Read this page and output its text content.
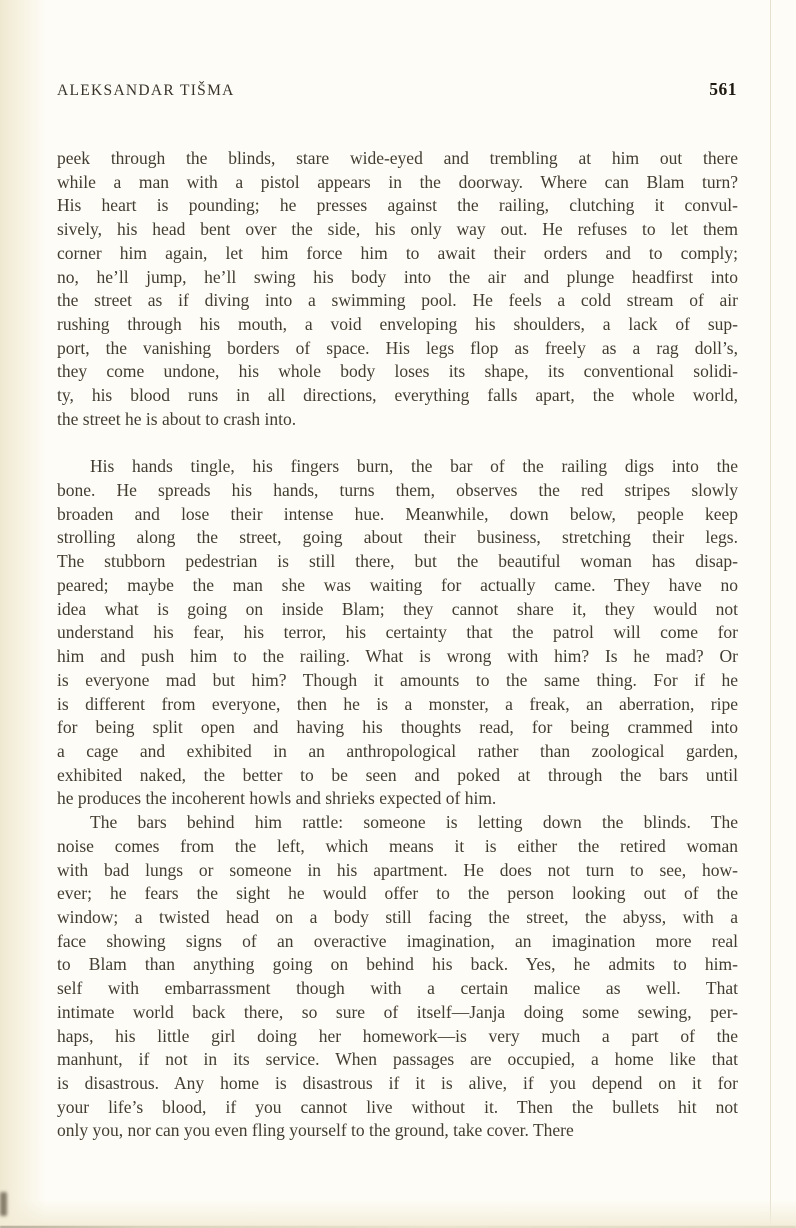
ALEKSANDAR TIŠMA	561
peek through the blinds, stare wide-eyed and trembling at him out there
while a man with a pistol appears in the doorway. Where can Blam turn?
His heart is pounding; he presses against the railing, clutching it convul-
sively, his head bent over the side, his only way out. He refuses to let them
corner him again, let him force him to await their orders and to comply;
no, he’ll jump, he’ll swing his body into the air and plunge headfirst into
the street as if diving into a swimming pool. He feels a cold stream of air
rushing through his mouth, a void enveloping his shoulders, a lack of sup-
port, the vanishing borders of space. His legs flop as freely as a rag doll’s,
they come undone, his whole body loses its shape, its conventional solidi-
ty, his blood runs in all directions, everything falls apart, the whole world,
the street he is about to crash into.
His hands tingle, his fingers burn, the bar of the railing digs into the
bone. He spreads his hands, turns them, observes the red stripes slowly
broaden and lose their intense hue. Meanwhile, down below, people keep
strolling along the street, going about their business, stretching their legs.
The stubborn pedestrian is still there, but the beautiful woman has disap-
peared; maybe the man she was waiting for actually came. They have no
idea what is going on inside Blam; they cannot share it, they would not
understand his fear, his terror, his certainty that the patrol will come for
him and push him to the railing. What is wrong with him? Is he mad? Or
is everyone mad but him? Though it amounts to the same thing. For if he
is different from everyone, then he is a monster, a freak, an aberration, ripe
for being split open and having his thoughts read, for being crammed into
a cage and exhibited in an anthropological rather than zoological garden,
exhibited naked, the better to be seen and poked at through the bars until
he produces the incoherent howls and shrieks expected of him.
The bars behind him rattle: someone is letting down the blinds. The
noise comes from the left, which means it is either the retired woman
with bad lungs or someone in his apartment. He does not turn to see, how-
ever; he fears the sight he would offer to the person looking out of the
window; a twisted head on a body still facing the street, the abyss, with a
face showing signs of an overactive imagination, an imagination more real
to Blam than anything going on behind his back. Yes, he admits to him-
self with embarrassment though with a certain malice as well. That
intimate world back there, so sure of itself—Janja doing some sewing, per-
haps, his little girl doing her homework—is very much a part of the
manhunt, if not in its service. When passages are occupied, a home like that
is disastrous. Any home is disastrous if it is alive, if you depend on it for
your life’s blood, if you cannot live without it. Then the bullets hit not
only you, nor can you even fling yourself to the ground, take cover. There
